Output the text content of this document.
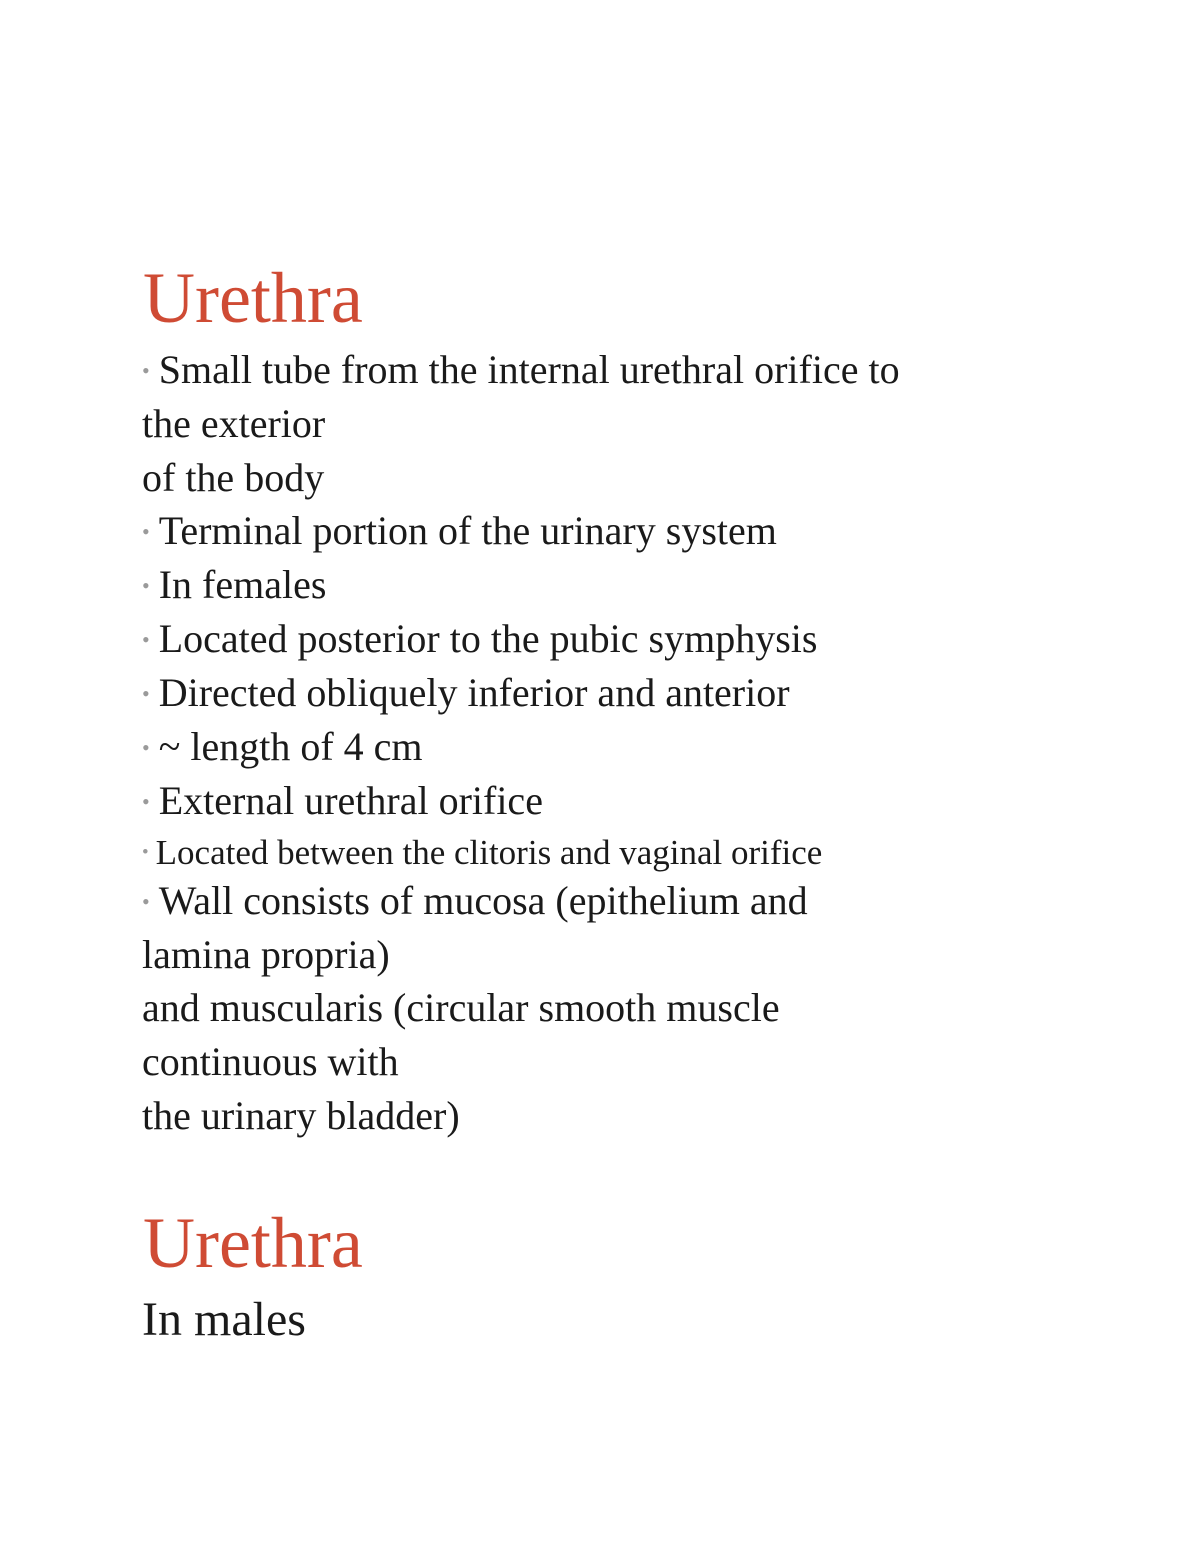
Urethra

• Small tube from the internal urethral orifice to

the exterior

of the body

• Terminal portion of the urinary system

• In females

• Located posterior to the pubic symphysis

• Directed obliquely inferior and anterior

• ~ length of 4 cm

• External urethral orifice

• Located between the clitoris and vaginal orifice

• Wall consists of mucosa (epithelium and

lamina propria)

and muscularis (circular smooth muscle

continuous with

the urinary bladder)

Urethra

In males
